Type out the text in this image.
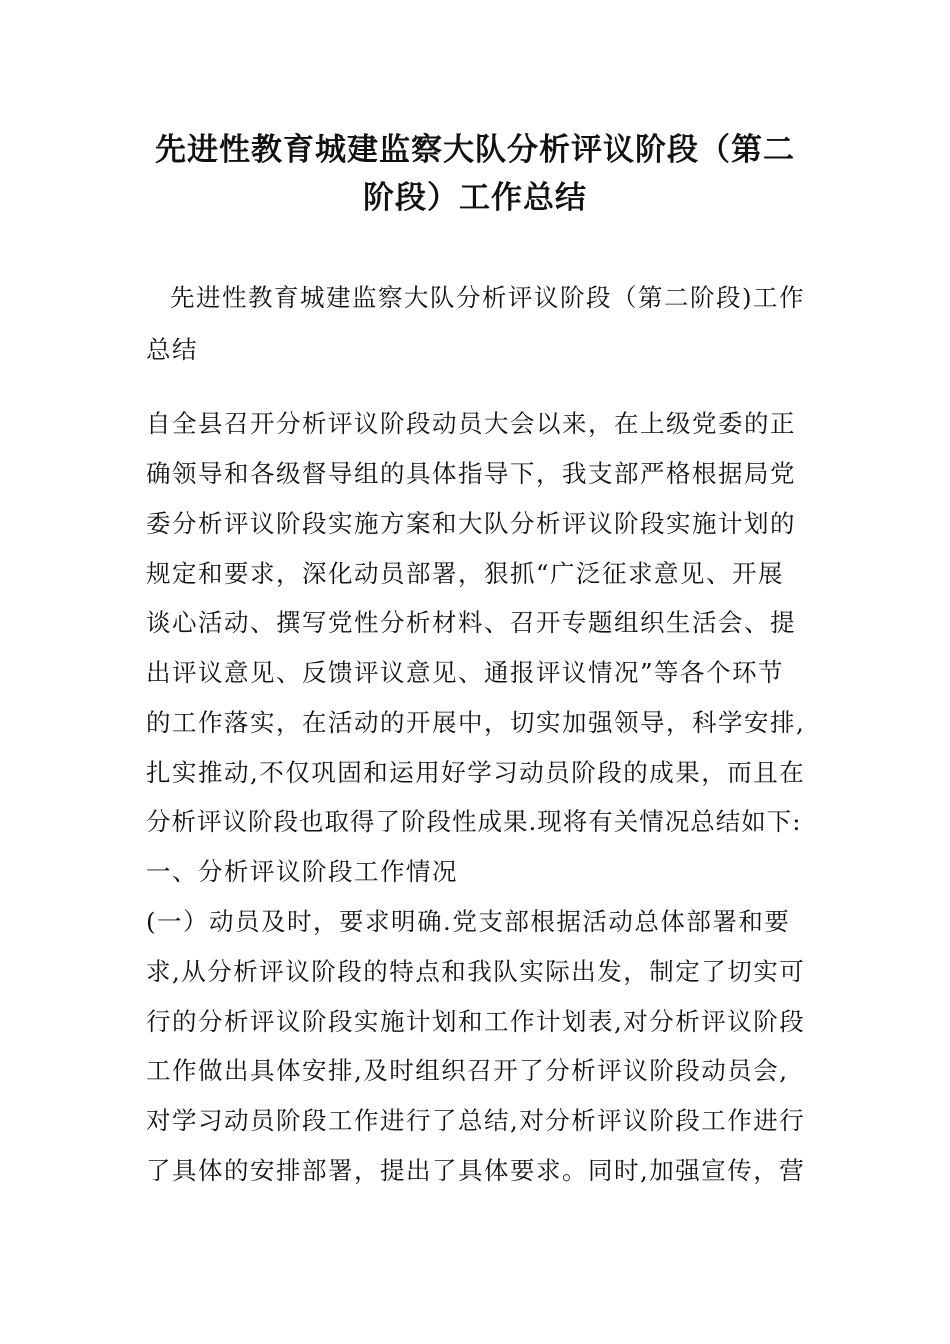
先进性教育城建监察大队分析评议阶段（第二
阶段）工作总结
先进性教育城建监察大队分析评议阶段（第二阶段)工作
总结
自全县召开分析评议阶段动员大会以来，在上级党委的正
确领导和各级督导组的具体指导下，我支部严格根据局党
委分析评议阶段实施方案和大队分析评议阶段实施计划的
规定和要求，深化动员部署，狠抓“广泛征求意见、开展
谈心活动、撰写党性分析材料、召开专题组织生活会、提
出评议意见、反馈评议意见、通报评议情况”等各个环节
的工作落实，在活动的开展中，切实加强领导，科学安排,
扎实推动,不仅巩固和运用好学习动员阶段的成果，而且在
分析评议阶段也取得了阶段性成果.现将有关情况总结如下:
一、分析评议阶段工作情况
(一）动员及时，要求明确.党支部根据活动总体部署和要
求,从分析评议阶段的特点和我队实际出发，制定了切实可
行的分析评议阶段实施计划和工作计划表,对分析评议阶段
工作做出具体安排,及时组织召开了分析评议阶段动员会,
对学习动员阶段工作进行了总结,对分析评议阶段工作进行
了具体的安排部署，提出了具体要求。同时,加强宣传，营
